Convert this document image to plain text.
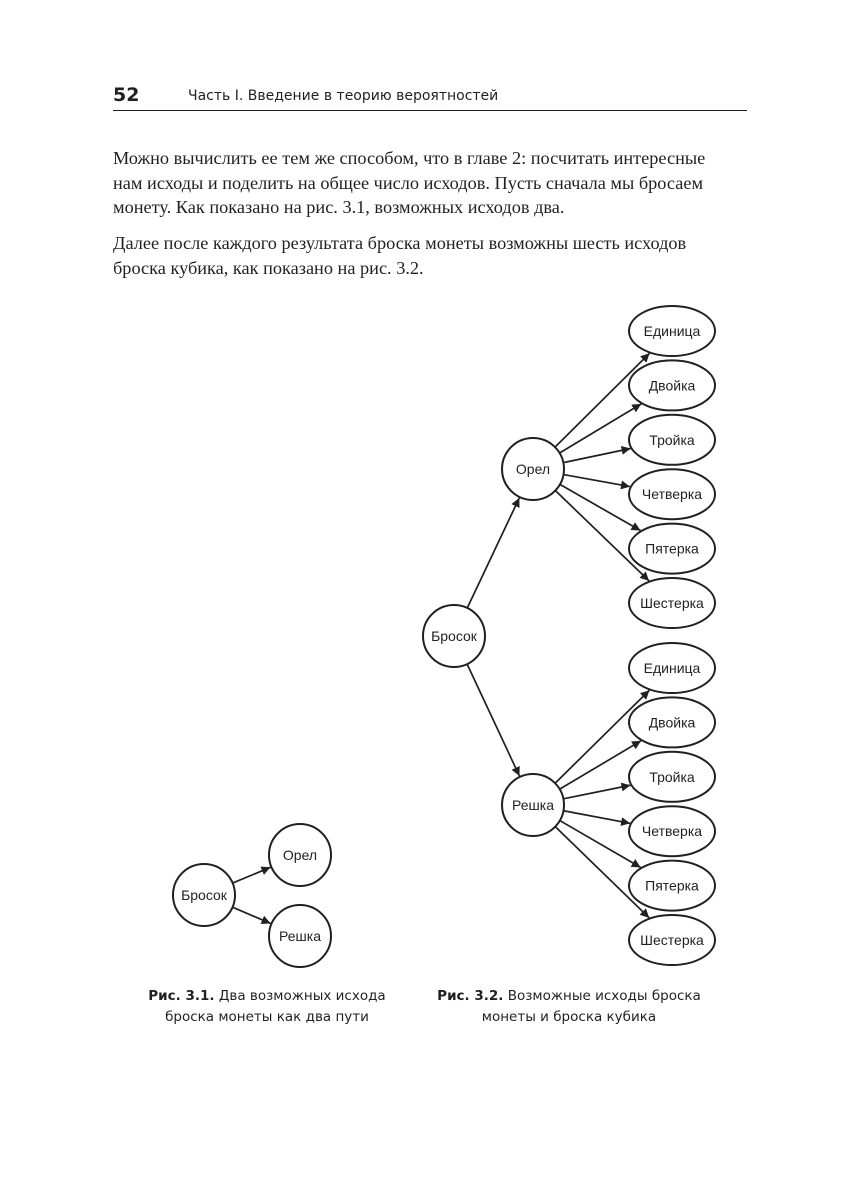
52	Часть I. Введение в теорию вероятностей

Можно вычислить ее тем же способом, что в главе 2: посчитать интересные
нам исходы и поделить на общее число исходов. Пусть сначала мы бросаем
монету. Как показано на рис. 3.1, возможных исходов два.

Далее после каждого результата броска монеты возможны шесть исходов
броска кубика, как показано на рис. 3.2.

Бросок
Орел
Решка
Единица
Двойка
Тройка
Четверка
Пятерка
Шестерка
Единица
Двойка
Тройка
Четверка
Пятерка
Шестерка
Бросок
Орел
Решка
Рис. 3.1. Два возможных исхода
броска монеты как два пути
Рис. 3.2. Возможные исходы броска
монеты и броска кубика
